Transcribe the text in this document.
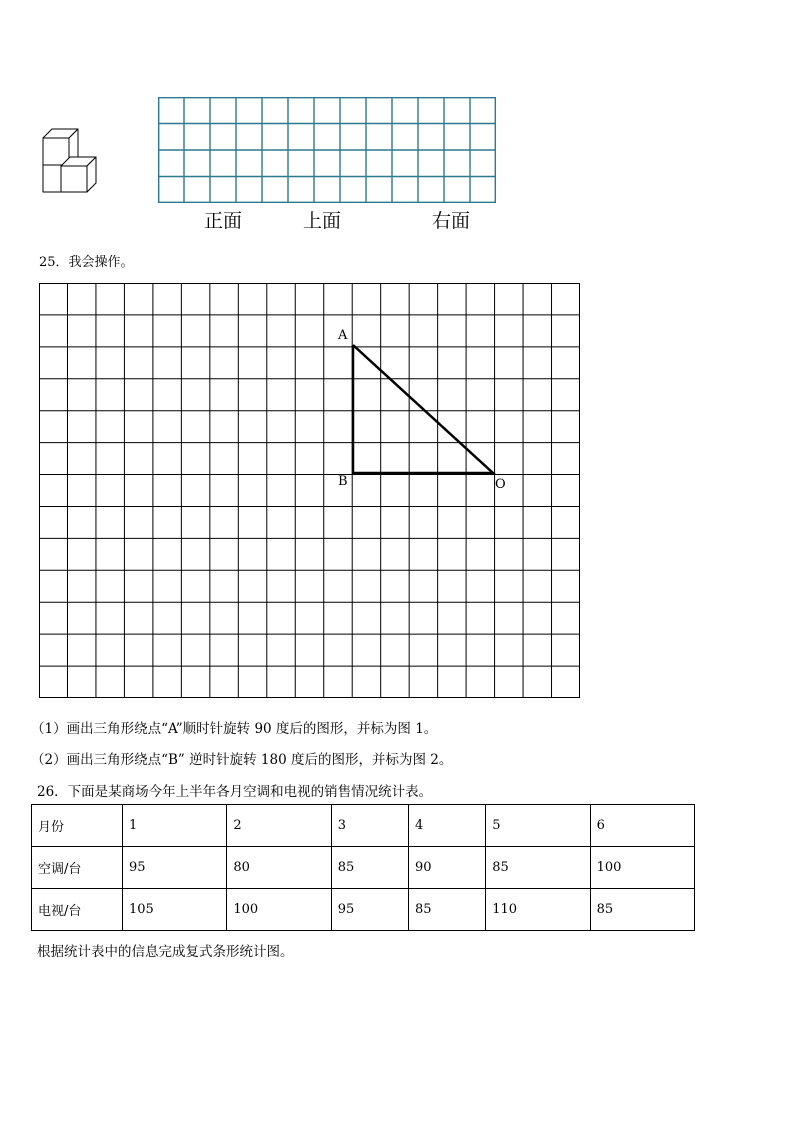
正面	上面	右面
25．我会操作。
A
B	O
（1）画出三角形绕点“A”顺时针旋转 90 度后的图形，并标为图 1。
（2）画出三角形绕点“B” 逆时针旋转 180 度后的图形，并标为图 2。
26．下面是某商场今年上半年各月空调和电视的销售情况统计表。
月份	1	2	3	4	5	6
空调/台	95	80	85	90	85	100
电视/台	105	100	95	85	110	85
根据统计表中的信息完成复式条形统计图。
